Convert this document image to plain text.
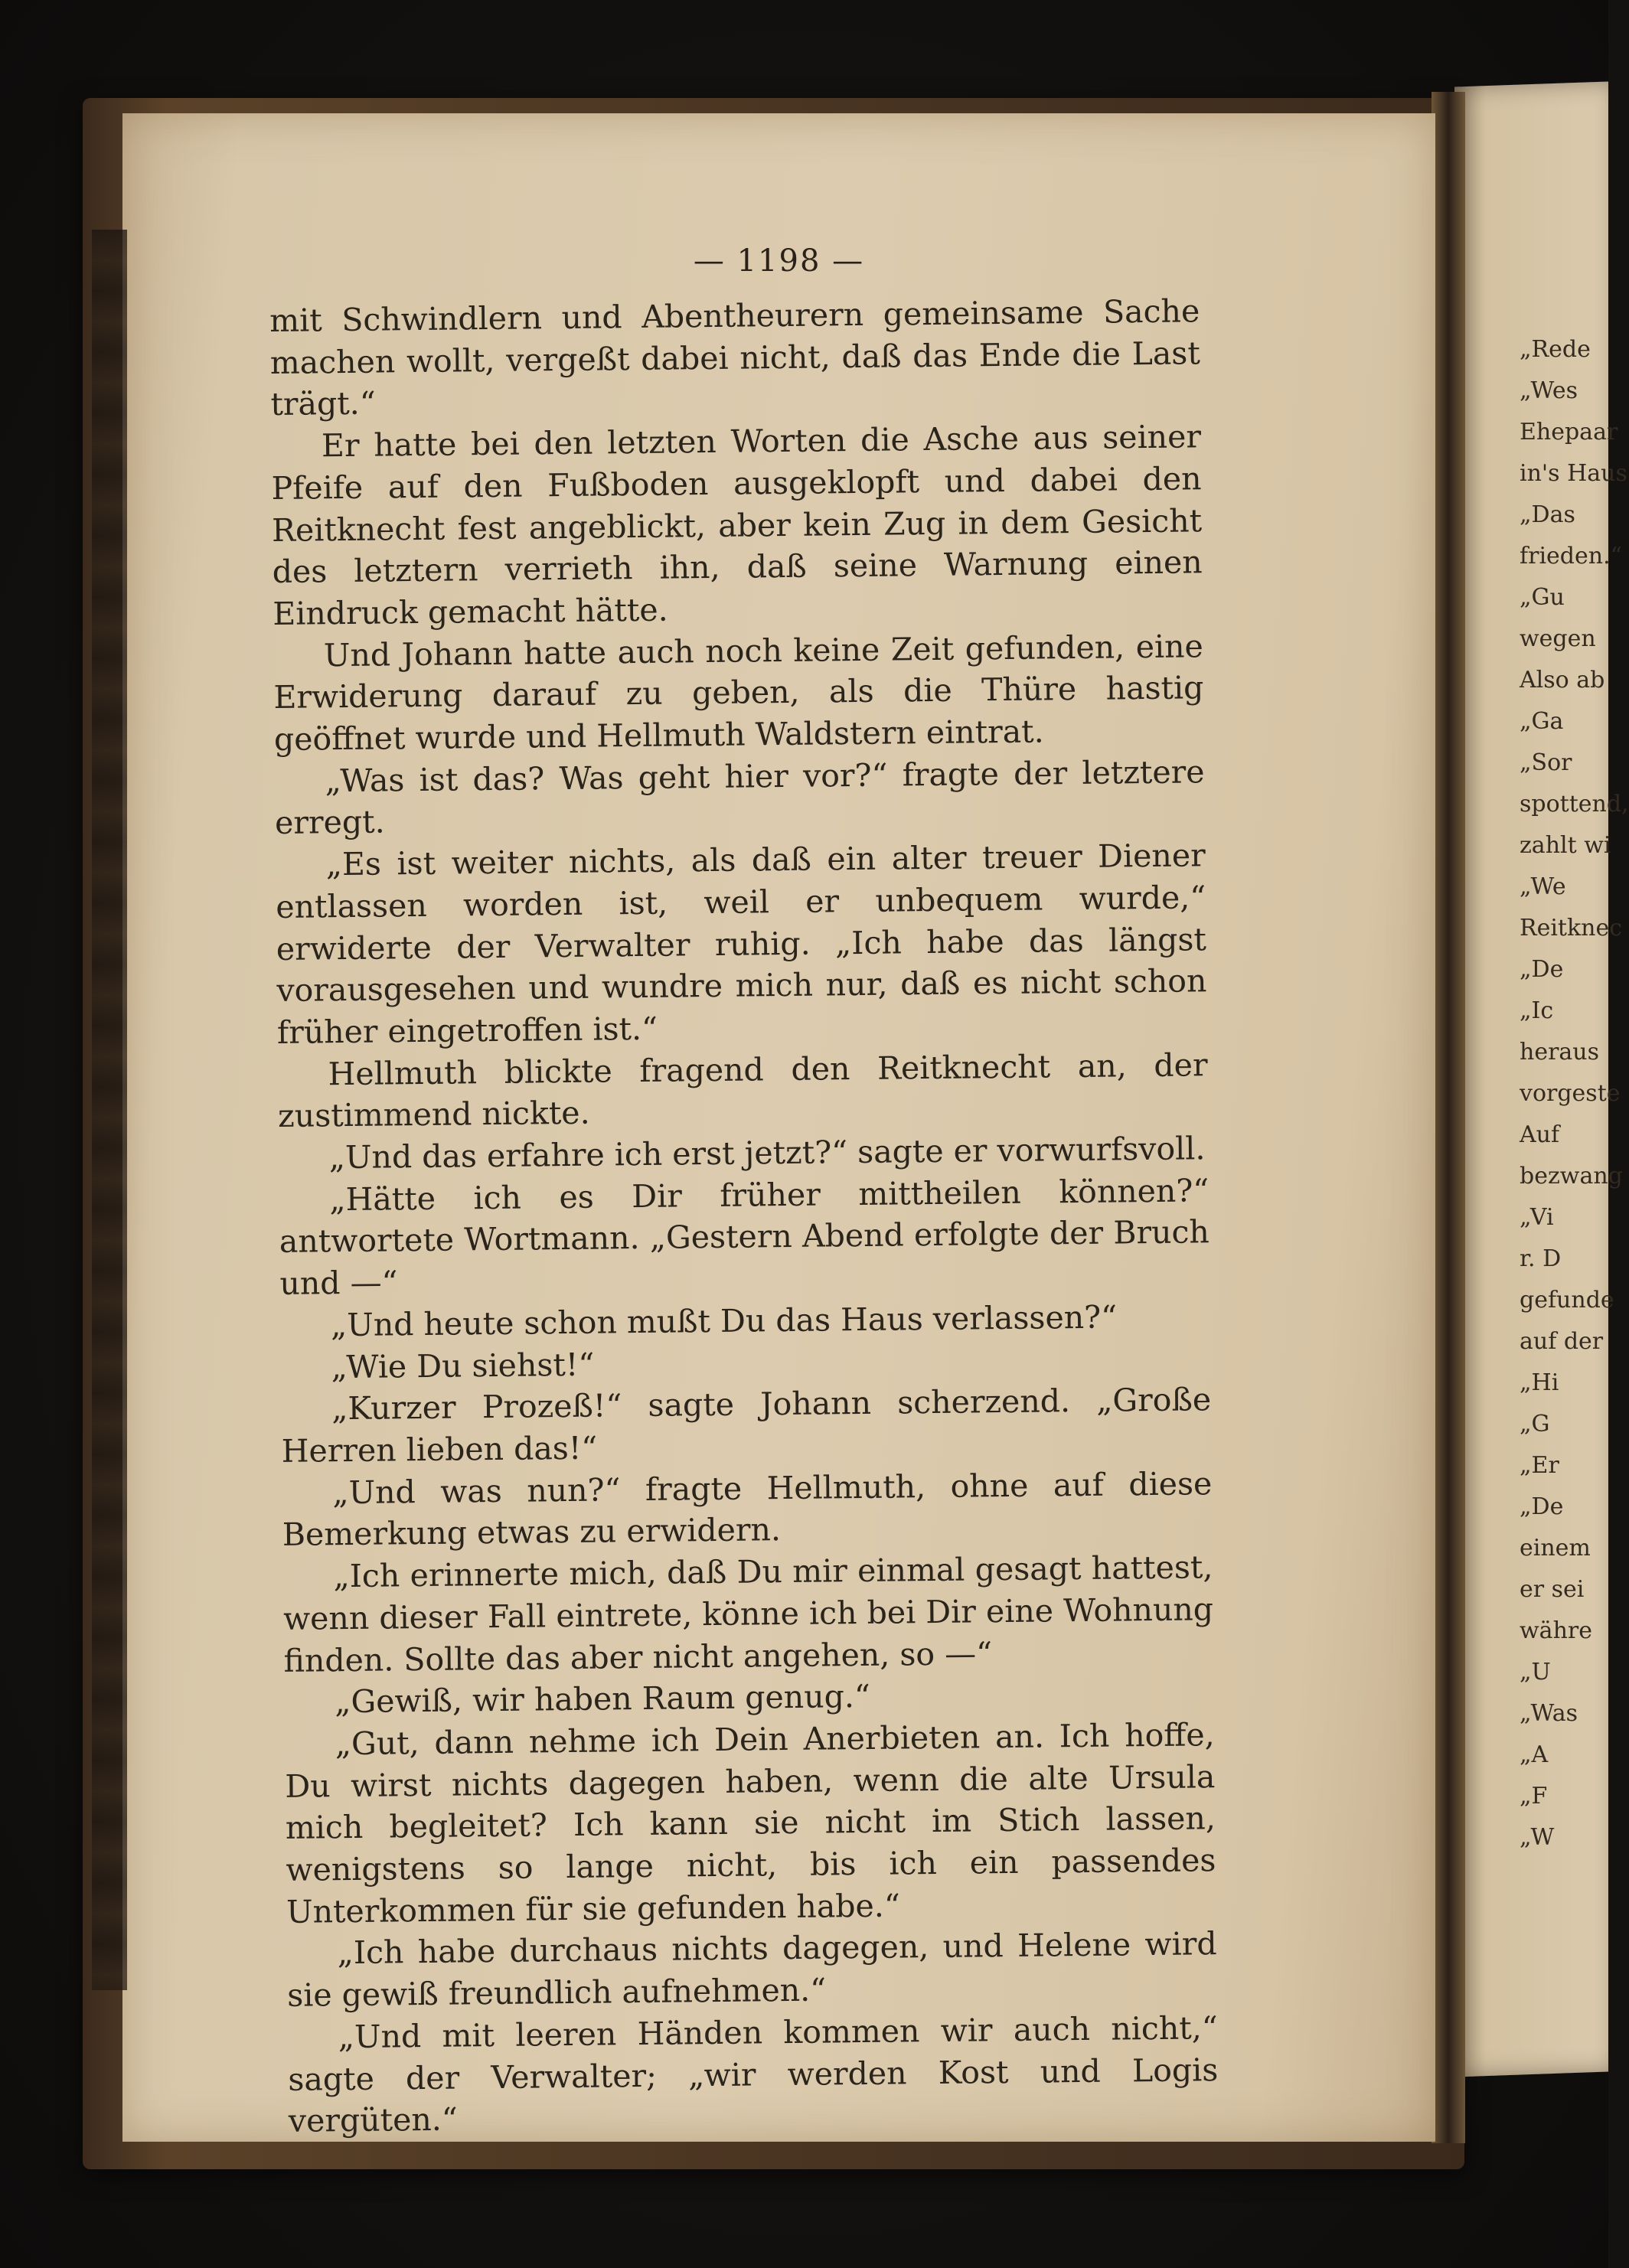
— 1198 —

mit Schwindlern und Abentheurern gemeinsame Sache machen wollt, vergeßt dabei nicht, daß das Ende die Last trägt.“

Er hatte bei den letzten Worten die Asche aus seiner Pfeife auf den Fußboden ausgeklopft und dabei den Reitknecht fest angeblickt, aber kein Zug in dem Gesicht des letztern verrieth ihn, daß seine Warnung einen Eindruck gemacht hätte.

Und Johann hatte auch noch keine Zeit gefunden, eine Erwiderung darauf zu geben, als die Thüre hastig geöffnet wurde und Hellmuth Waldstern eintrat.

„Was ist das? Was geht hier vor?“ fragte der letztere erregt.

„Es ist weiter nichts, als daß ein alter treuer Diener entlassen worden ist, weil er unbequem wurde,“ erwiderte der Verwalter ruhig. „Ich habe das längst vorausgesehen und wundre mich nur, daß es nicht schon früher eingetroffen ist.“

Hellmuth blickte fragend den Reitknecht an, der zustimmend nickte.

„Und das erfahre ich erst jetzt?“ sagte er vorwurfsvoll.

„Hätte ich es Dir früher mittheilen können?“ antwortete Wortmann. „Gestern Abend erfolgte der Bruch und —“

„Und heute schon mußt Du das Haus verlassen?“

„Wie Du siehst!“

„Kurzer Prozeß!“ sagte Johann scherzend. „Große Herren lieben das!“

„Und was nun?“ fragte Hellmuth, ohne auf diese Bemerkung etwas zu erwidern.

„Ich erinnerte mich, daß Du mir einmal gesagt hattest, wenn dieser Fall eintrete, könne ich bei Dir eine Wohnung finden. Sollte das aber nicht angehen, so —“

„Gewiß, wir haben Raum genug.“

„Gut, dann nehme ich Dein Anerbieten an. Ich hoffe, Du wirst nichts dagegen haben, wenn die alte Ursula mich begleitet? Ich kann sie nicht im Stich lassen, wenigstens so lange nicht, bis ich ein passendes Unterkommen für sie gefunden habe.“

„Ich habe durchaus nichts dagegen, und Helene wird sie gewiß freundlich aufnehmen.“

„Und mit leeren Händen kommen wir auch nicht,“ sagte der Verwalter; „wir werden Kost und Logis vergüten.“

„Rede
„Wes
Ehepaar
in's Haus
„Das
frieden.“
„Gu
wegen
Also ab
„Ga
„Sor
spottend,
zahlt wi
„We
Reitknec
„De
„Ic
heraus
vorgeste
Auf
bezwang
„Vi
r. D
gefunde
auf der
„Hi
„G
„Er
„De
einem
er sei
währe
„U
„Was
„A
„F
„W
